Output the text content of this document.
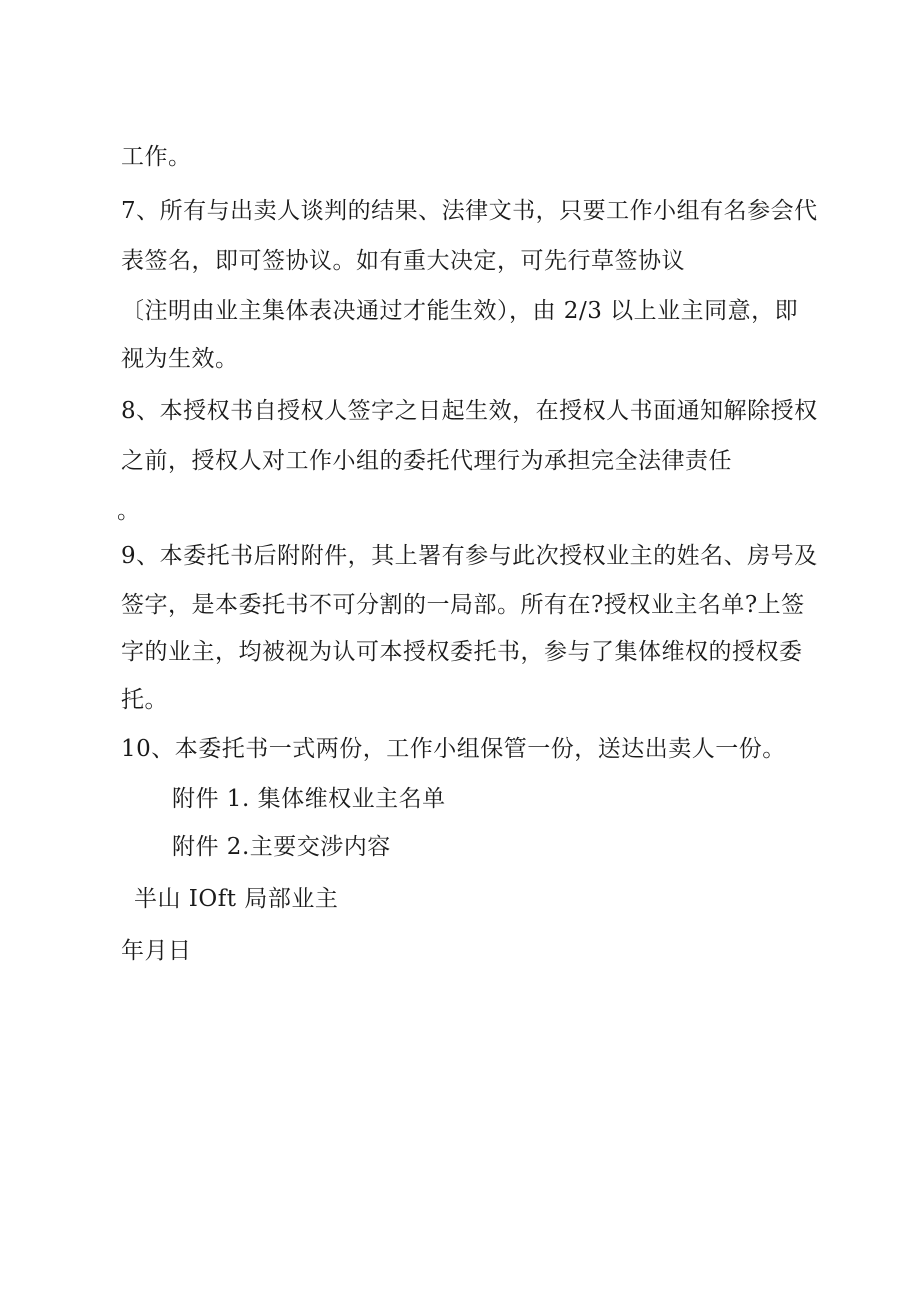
工作。
7、所有与出卖人谈判的结果、法律文书，只要工作小组有名参会代
表签名，即可签协议。如有重大决定，可先行草签协议
〔注明由业主集体表决通过才能生效），由 2/3 以上业主同意，即
视为生效。
8、本授权书自授权人签字之日起生效，在授权人书面通知解除授权
之前，授权人对工作小组的委托代理行为承担完全法律责任
。
9、本委托书后附附件，其上署有参与此次授权业主的姓名、房号及
签字，是本委托书不可分割的一局部。所有在?授权业主名单?上签
字的业主，均被视为认可本授权委托书，参与了集体维权的授权委
托。
10、本委托书一式两份，工作小组保管一份，送达出卖人一份。
附件 1. 集体维权业主名单
附件 2.主要交涉内容
半山 IOft 局部业主
年月日
